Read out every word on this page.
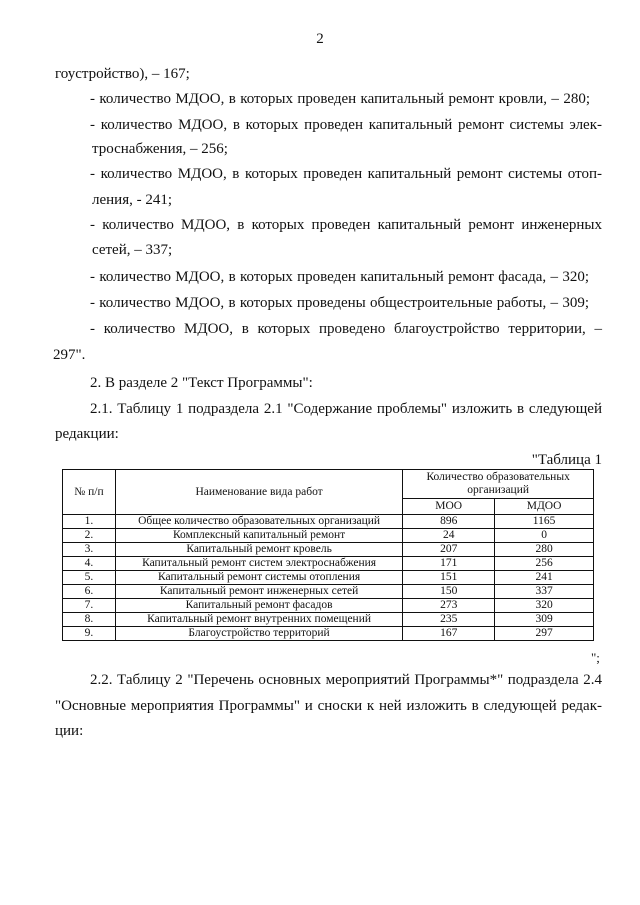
2
гоустройство), – 167;
- количество МДОО, в которых проведен капитальный ремонт кровли, – 280;
- количество МДОО, в которых проведен капитальный ремонт системы элек-
троснабжения, – 256;
- количество МДОО, в которых проведен капитальный ремонт системы отоп-
ления, - 241;
- количество МДОО, в которых проведен капитальный ремонт инженерных
сетей, – 337;
- количество МДОО, в которых проведен капитальный ремонт фасада, – 320;
- количество МДОО, в которых проведены общестроительные работы, – 309;
- количество МДОО, в которых проведено благоустройство территории, –
297".
2. В разделе 2 "Текст Программы":
2.1. Таблицу 1 подраздела 2.1 "Содержание проблемы" изложить в следующей
редакции:
"Таблица 1
№ п/п	Наименование вида работ	Количество образовательных организаций	
		МОО	МДОО
1.	Общее количество образовательных организаций	896	1165
2.	Комплексный капитальный ремонт	24	0
3.	Капитальный ремонт кровель	207	280
4.	Капитальный ремонт систем электроснабжения	171	256
5.	Капитальный ремонт системы отопления	151	241
6.	Капитальный ремонт инженерных сетей	150	337
7.	Капитальный ремонт фасадов	273	320
8.	Капитальный ремонт внутренних помещений	235	309
9.	Благоустройство территорий	167	297
";
2.2. Таблицу 2 "Перечень основных мероприятий Программы*" подраздела 2.4
"Основные мероприятия Программы" и сноски к ней изложить в следующей редак-
ции:
